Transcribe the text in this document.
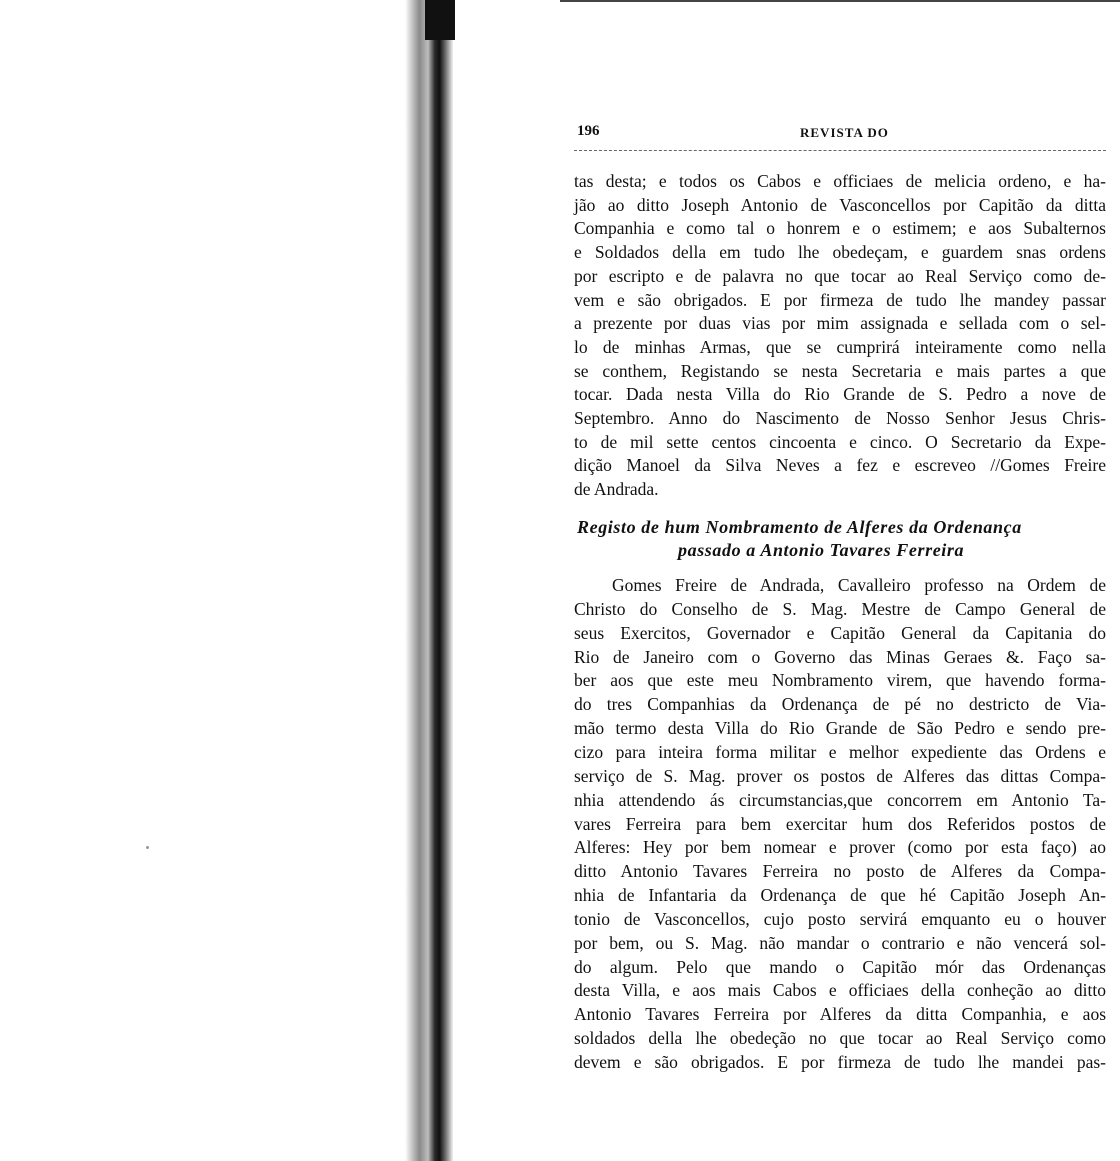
196	REVISTA DO
tas desta; e todos os Cabos e officiaes de melicia ordeno, e ha-
jão ao ditto Joseph Antonio de Vasconcellos por Capitão da ditta
Companhia e como tal o honrem e o estimem; e aos Subalternos
e Soldados della em tudo lhe obedeçam, e guardem snas ordens
por escripto e de palavra no que tocar ao Real Serviço como de-
vem e são obrigados. E por firmeza de tudo lhe mandey passar
a prezente por duas vias por mim assignada e sellada com o sel-
lo de minhas Armas, que se cumprirá inteiramente como nella
se conthem, Registando se nesta Secretaria e mais partes a que
tocar. Dada nesta Villa do Rio Grande de S. Pedro a nove de
Septembro. Anno do Nascimento de Nosso Senhor Jesus Chris-
to de mil sette centos cincoenta e cinco. O Secretario da Expe-
dição Manoel da Silva Neves a fez e escreveo //Gomes Freire
de Andrada.
Registo de hum Nombramento de Alferes da Ordenança
passado a Antonio Tavares Ferreira
Gomes Freire de Andrada, Cavalleiro professo na Ordem de
Christo do Conselho de S. Mag. Mestre de Campo General de
seus Exercitos, Governador e Capitão General da Capitania do
Rio de Janeiro com o Governo das Minas Geraes &. Faço sa-
ber aos que este meu Nombramento virem, que havendo forma-
do tres Companhias da Ordenança de pé no destricto de Via-
mão termo desta Villa do Rio Grande de São Pedro e sendo pre-
cizo para inteira forma militar e melhor expediente das Ordens e
serviço de S. Mag. prover os postos de Alferes das dittas Compa-
nhia attendendo ás circumstancias,que concorrem em Antonio Ta-
vares Ferreira para bem exercitar hum dos Referidos postos de
Alferes: Hey por bem nomear e prover (como por esta faço) ao
ditto Antonio Tavares Ferreira no posto de Alferes da Compa-
nhia de Infantaria da Ordenança de que hé Capitão Joseph An-
tonio de Vasconcellos, cujo posto servirá emquanto eu o houver
por bem, ou S. Mag. não mandar o contrario e não vencerá sol-
do algum. Pelo que mando o Capitão mór das Ordenanças
desta Villa, e aos mais Cabos e officiaes della conheção ao ditto
Antonio Tavares Ferreira por Alferes da ditta Companhia, e aos
soldados della lhe obedeção no que tocar ao Real Serviço como
devem e são obrigados. E por firmeza de tudo lhe mandei pas-
